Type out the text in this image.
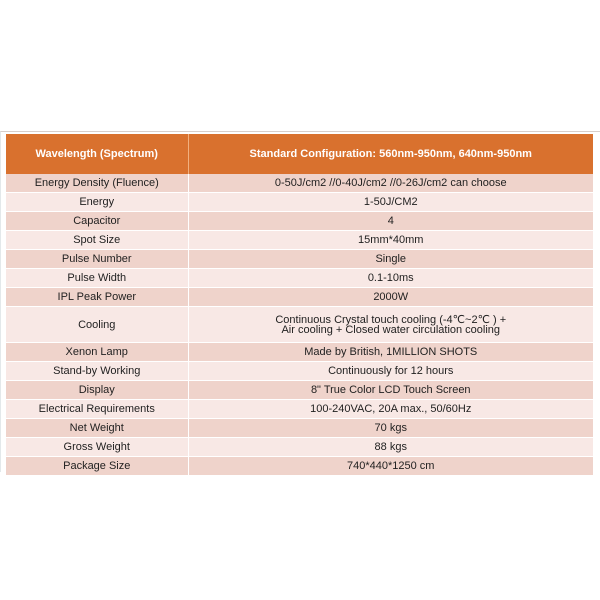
Wavelength (Spectrum)	Standard Configuration: 560nm-950nm, 640nm-950nm
Energy Density (Fluence)	0-50J/cm2 //0-40J/cm2 //0-26J/cm2 can choose
Energy	1-50J/CM2
Capacitor	4
Spot Size	15mm*40mm
Pulse Number	Single
Pulse Width	0.1-10ms
IPL Peak Power	2000W
Cooling	Continuous Crystal touch cooling (-4℃~2℃ ) +
Air cooling + Closed water circulation cooling

Xenon Lamp	Made by British, 1MILLION SHOTS
Stand-by Working	Continuously for 12 hours
Display	8" True Color LCD Touch Screen
Electrical Requirements	100-240VAC, 20A max., 50/60Hz
Net Weight	70 kgs
Gross Weight	88 kgs
Package Size	740*440*1250 cm
